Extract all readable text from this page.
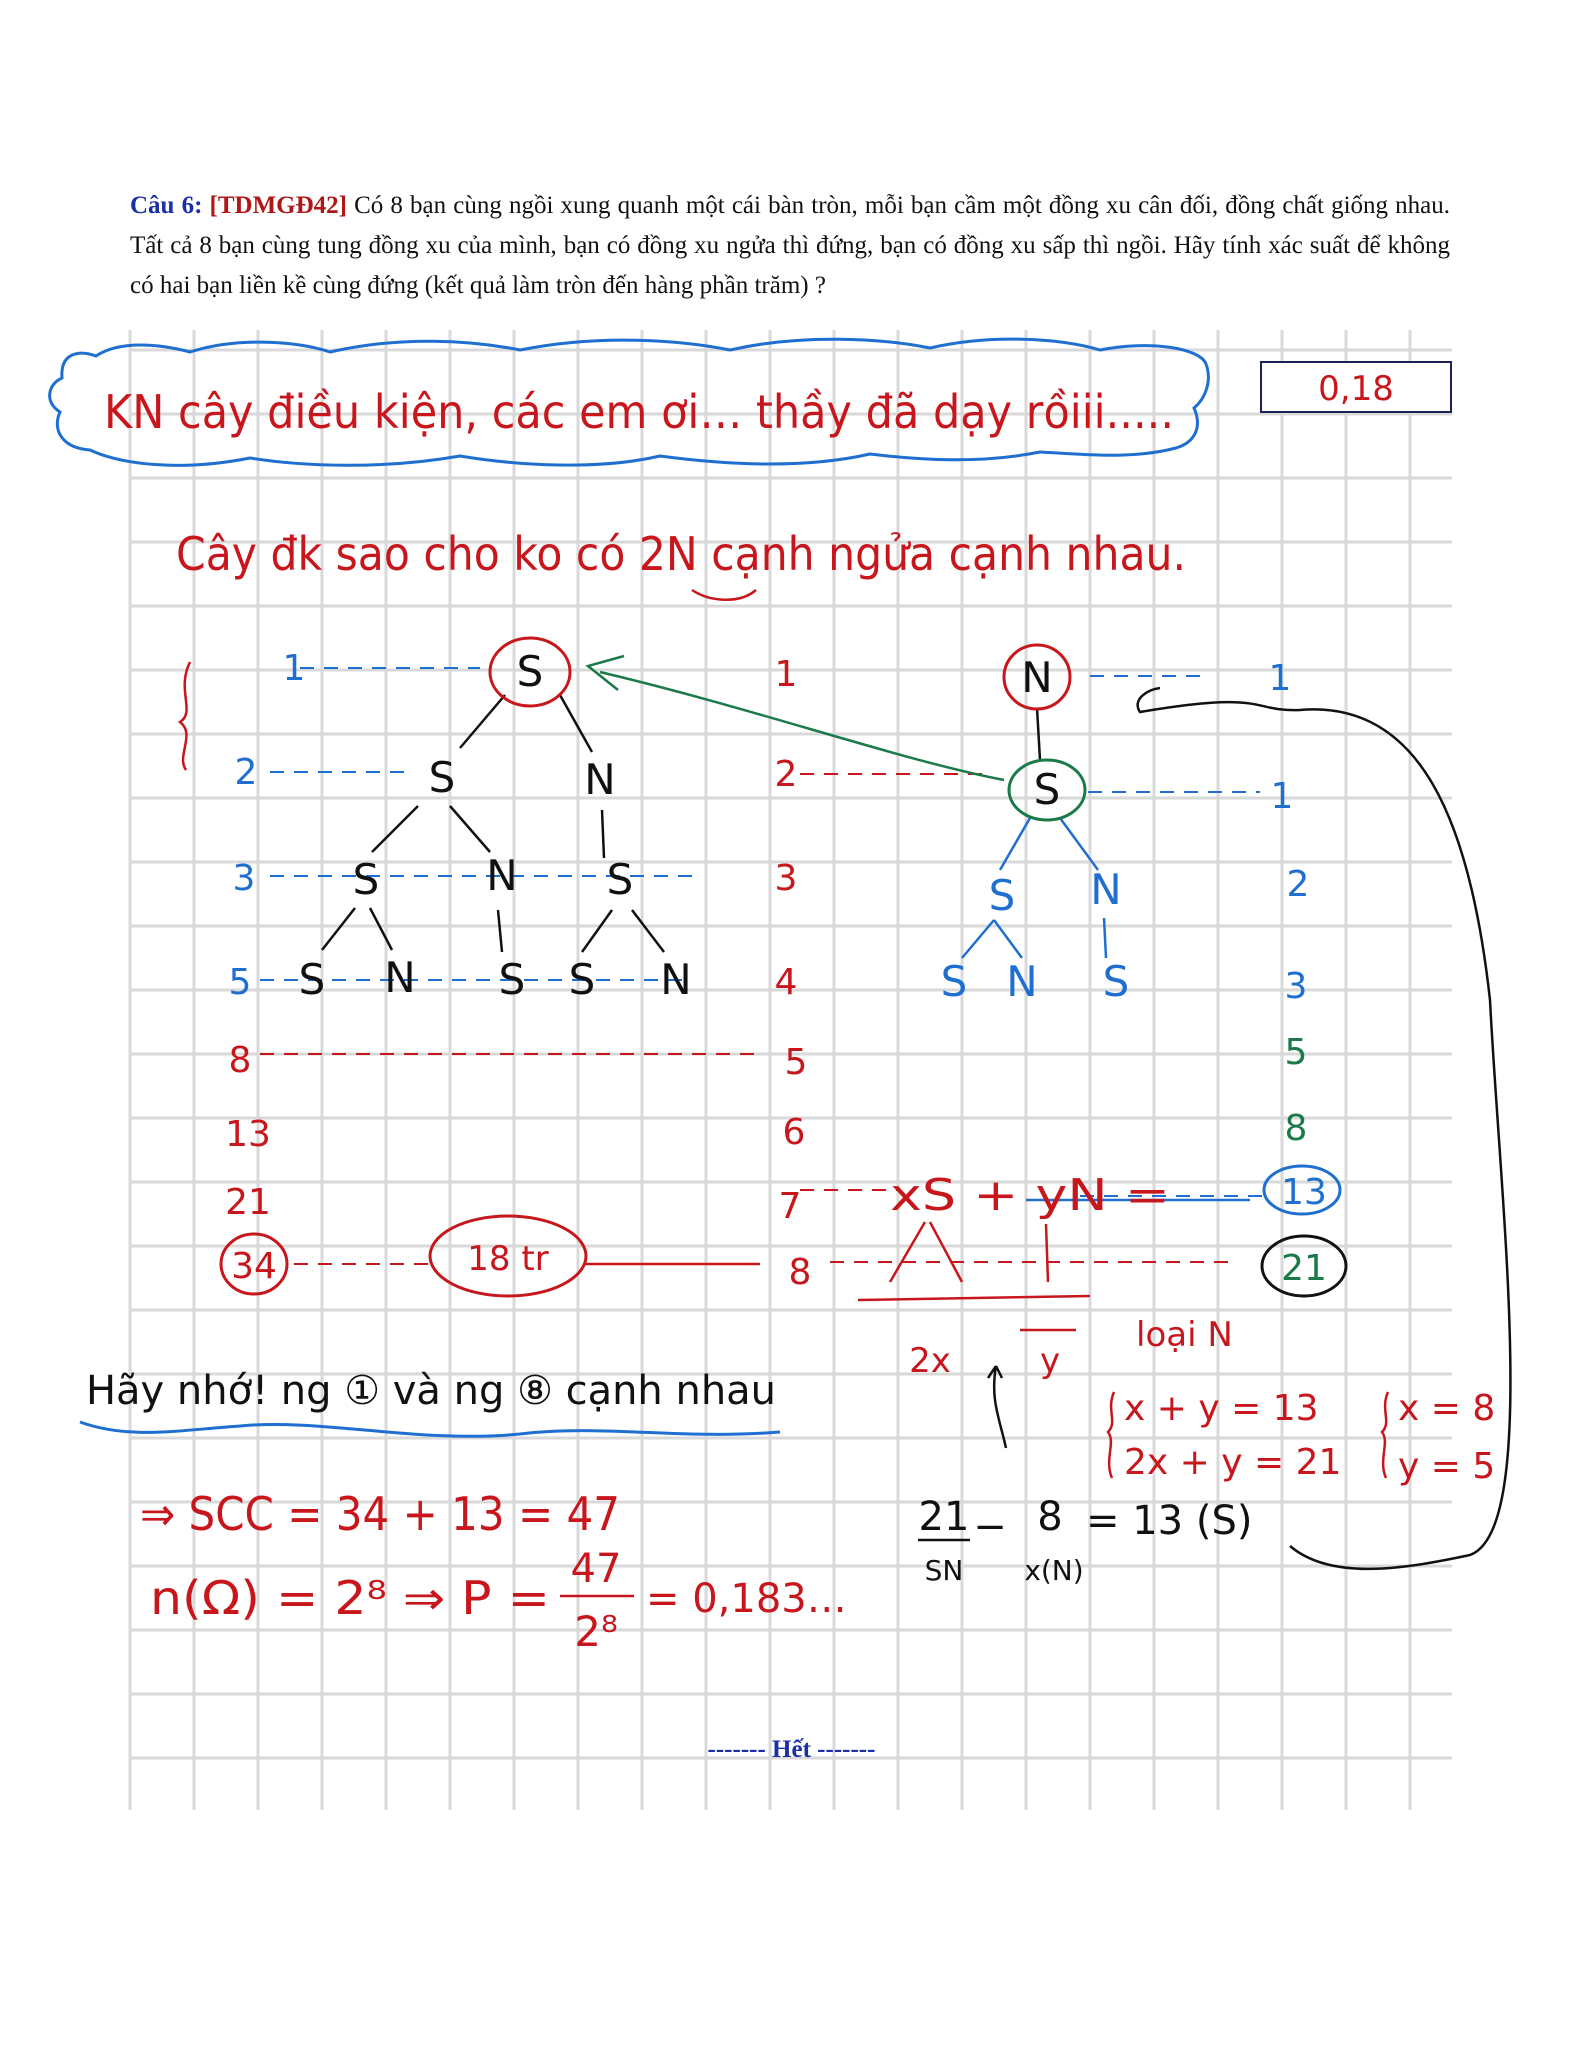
Câu 6: [TDMGĐ42] Có 8 bạn cùng ngồi xung quanh một cái bàn tròn, mỗi bạn cầm một đồng xu cân đối, đồng chất giống nhau. Tất cả 8 bạn cùng tung đồng xu của mình, bạn có đồng xu ngửa thì đứng, bạn có đồng xu sấp thì ngồi. Hãy tính xác suất để không có hai bạn liền kề cùng đứng (kết quả làm tròn đến hàng phần trăm) ?
0,18
KN cây điều kiện, các em ơi… thầy đã dạy rồiii.....
Cây đk sao cho ko có 2N cạnh ngửa cạnh nhau.
S
S	N
S	N S
S N S S N
N
S
S N
S N S
1
2
3
5
8
13
21
34
1
2
3
4
5
6
7
8
1
1
2
3
5
8
13
21
18 tr
xS + yN =
2x	y
loại N
x + y = 13
2x + y = 21
x = 8
y = 5
Hãy nhớ! ng ① và ng ⑧ cạnh nhau
⇒ SCC = 34 + 13 = 47
n(Ω) = 2⁸ ⇒ P =
47
2⁸
= 0,183…
21
SN
− 8
x(N)
= 13 (S)
------- Hết -------
